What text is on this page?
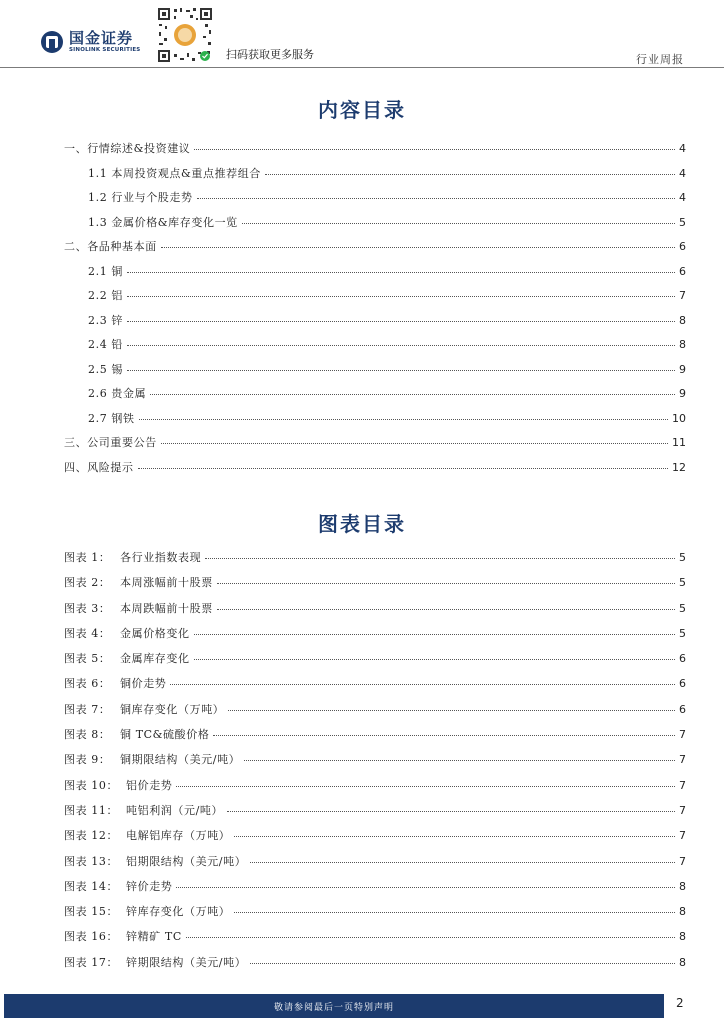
国金证券
SINOLINK SECURITIES	扫码获取更多服务	行业周报
内容目录
一、行情综述&投资建议	4
1.1 本周投资观点&重点推荐组合	4
1.2 行业与个股走势	4
1.3 金属价格&库存变化一览	5
二、各品种基本面	6
2.1 铜	6
2.2 铝	7
2.3 锌	8
2.4 铅	8
2.5 锡	9
2.6 贵金属	9
2.7 钢铁	10
三、公司重要公告	11
四、风险提示	12
图表目录
图表 1： 各行业指数表现	5
图表 2： 本周涨幅前十股票	5
图表 3： 本周跌幅前十股票	5
图表 4： 金属价格变化	5
图表 5： 金属库存变化	6
图表 6： 铜价走势	6
图表 7： 铜库存变化（万吨）	6
图表 8： 铜 TC&硫酸价格	7
图表 9： 铜期限结构（美元/吨）	7
图表 10： 铝价走势	7
图表 11： 吨铝利润（元/吨）	7
图表 12： 电解铝库存（万吨）	7
图表 13： 铝期限结构（美元/吨）	7
图表 14： 锌价走势	8
图表 15： 锌库存变化（万吨）	8
图表 16： 锌精矿 TC	8
图表 17： 锌期限结构（美元/吨）	8
敬请参阅最后一页特别声明	2
